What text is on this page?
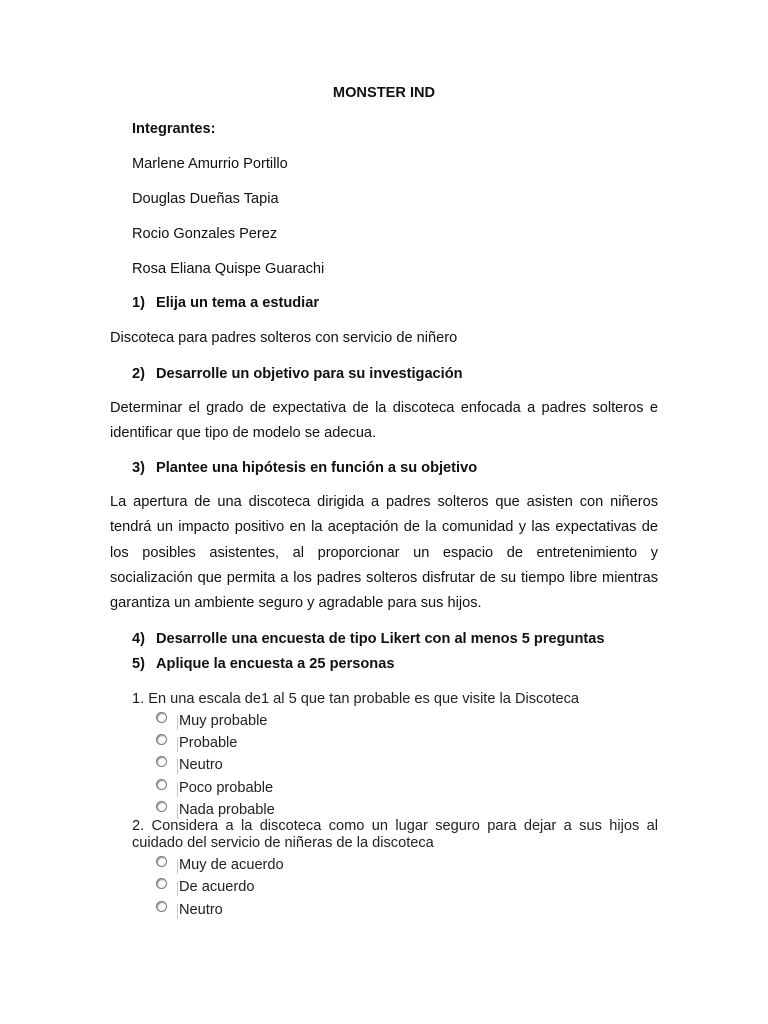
MONSTER IND
Integrantes:
Marlene Amurrio Portillo
Douglas Dueñas Tapia
Rocio Gonzales Perez
Rosa Eliana Quispe Guarachi
1) Elija un tema a estudiar
Discoteca para padres solteros con servicio de niñero
2) Desarrolle un objetivo para su investigación
Determinar el grado de expectativa de la discoteca enfocada a padres solteros e identificar que tipo de modelo se adecua.
3) Plantee una hipótesis en función a su objetivo
La apertura de una discoteca dirigida a padres solteros que asisten con niñeros tendrá un impacto positivo en la aceptación de la comunidad y las expectativas de los posibles asistentes, al proporcionar un espacio de entretenimiento y socialización que permita a los padres solteros disfrutar de su tiempo libre mientras garantiza un ambiente seguro y agradable para sus hijos.
4) Desarrolle una encuesta de tipo Likert con al menos 5 preguntas
5) Aplique la encuesta a 25 personas
1. En una escala de1 al 5 que tan probable es que visite la Discoteca
Muy probable
Probable
Neutro
Poco probable
Nada probable
2. Considera a la discoteca como un lugar seguro para dejar a sus hijos al cuidado del servicio de niñeras de la discoteca
Muy de acuerdo
De acuerdo
Neutro
